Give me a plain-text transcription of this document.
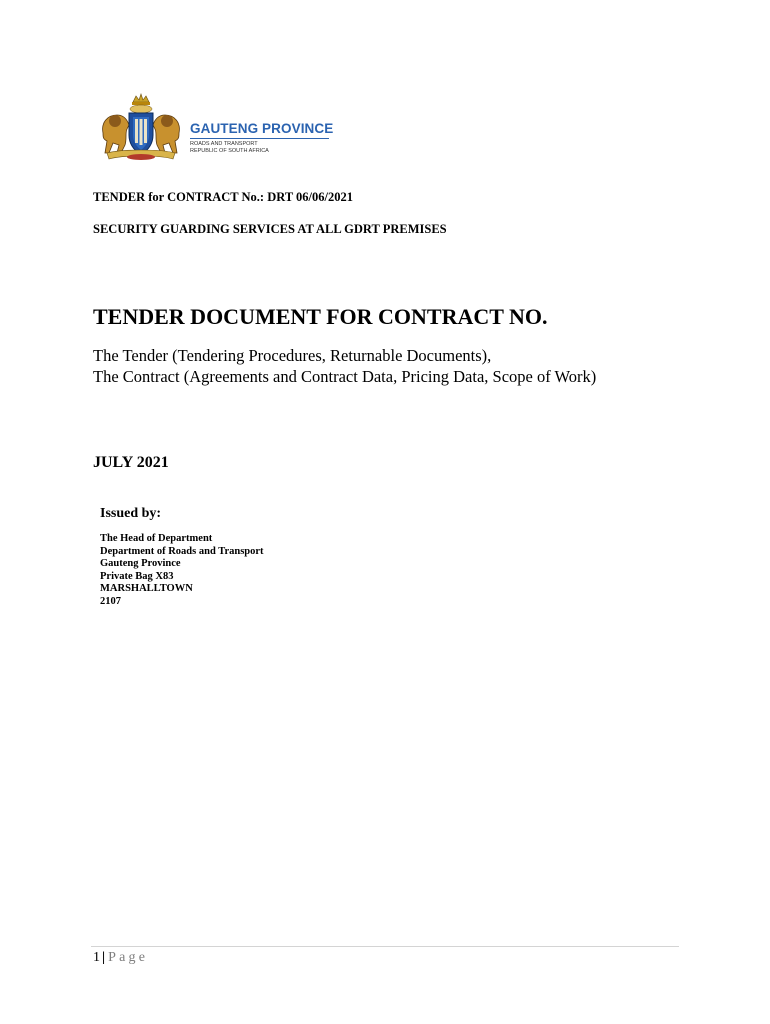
GAUTENG PROVINCE
ROADS AND TRANSPORT
REPUBLIC OF SOUTH AFRICA
TENDER for CONTRACT No.: DRT 06/06/2021
SECURITY GUARDING SERVICES AT ALL GDRT PREMISES
TENDER DOCUMENT FOR CONTRACT NO.
The Tender (Tendering Procedures, Returnable Documents),
The Contract (Agreements and Contract Data, Pricing Data, Scope of Work)
JULY 2021
Issued by:
The Head of Department
Department of Roads and Transport
Gauteng Province
Private Bag X83
MARSHALLTOWN
2107
1 | Page
